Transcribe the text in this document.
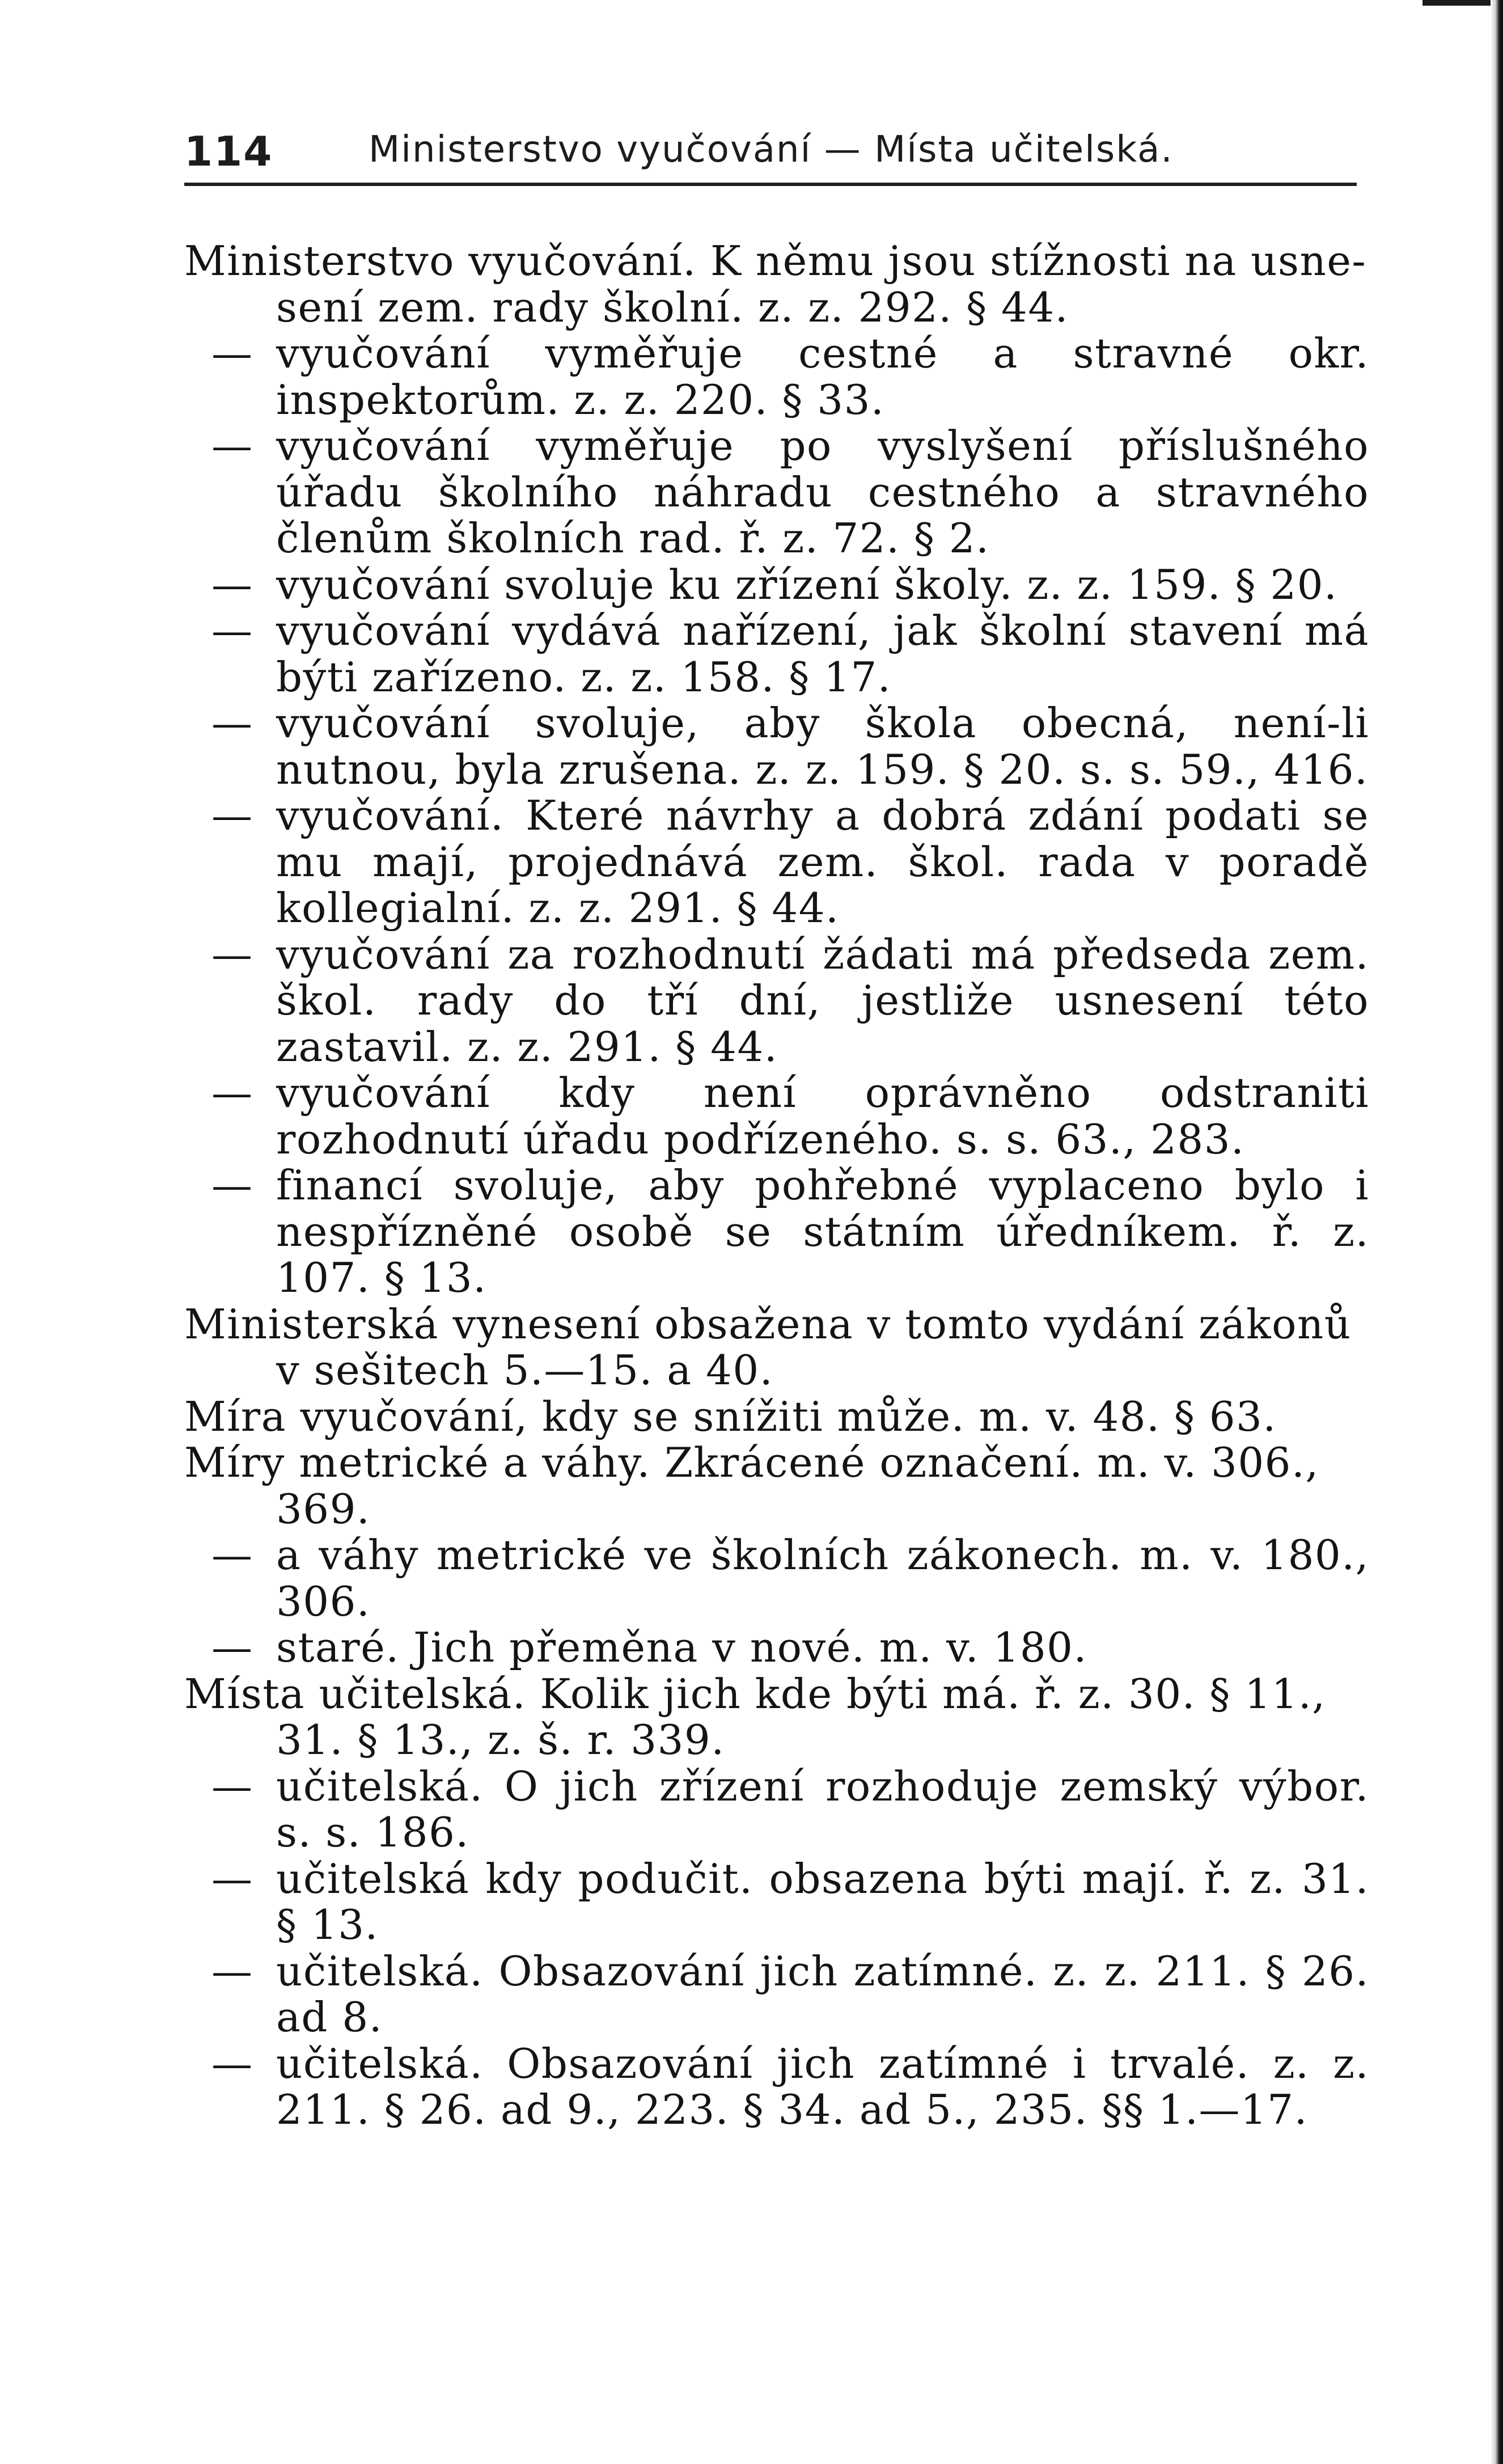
114	Ministerstvo vyučování — Místa učitelská.

Ministerstvo vyučování. K němu jsou stížnosti na usne-
sení zem. rady školní. z. z. 292. § 44.

— vyučování vyměřuje cestné a stravné okr. inspektorům. z. z. 220. § 33.

— vyučování vyměřuje po vyslyšení příslušného úřadu školního náhradu cestného a stravného členům školních rad. ř. z. 72. § 2.

— vyučování svoluje ku zřízení školy. z. z. 159. § 20.

— vyučování vydává nařízení, jak školní stavení má býti zařízeno. z. z. 158. § 17.

— vyučování svoluje, aby škola obecná, není-li nutnou, byla zrušena. z. z. 159. § 20. s. s. 59., 416.

— vyučování. Které návrhy a dobrá zdání podati se mu mají, projednává zem. škol. rada v poradě kollegialní. z. z. 291. § 44.

— vyučování za rozhodnutí žádati má předseda zem. škol. rady do tří dní, jestliže usnesení této zastavil. z. z. 291. § 44.

— vyučování kdy není oprávněno odstraniti rozhodnutí úřadu podřízeného. s. s. 63., 283.

— financí svoluje, aby pohřebné vyplaceno bylo i nespřízněné osobě se státním úředníkem. ř. z. 107. § 13.

Ministerská vynesení obsažena v tomto vydání zákonů
v sešitech 5.—15. a 40.

Míra vyučování, kdy se snížiti může. m. v. 48. § 63.

Míry metrické a váhy. Zkrácené označení. m. v. 306.,
369.

— a váhy metrické ve školních zákonech. m. v. 180., 306.

— staré. Jich přeměna v nové. m. v. 180.

Místa učitelská. Kolik jich kde býti má. ř. z. 30. § 11.,
31. § 13., z. š. r. 339.

— učitelská. O jich zřízení rozhoduje zemský výbor. s. s. 186.

— učitelská kdy podučit. obsazena býti mají. ř. z. 31. § 13.

— učitelská. Obsazování jich zatímné. z. z. 211. § 26. ad 8.

— učitelská. Obsazování jich zatímné i trvalé. z. z. 211. § 26. ad 9., 223. § 34. ad 5., 235. §§ 1.—17.
